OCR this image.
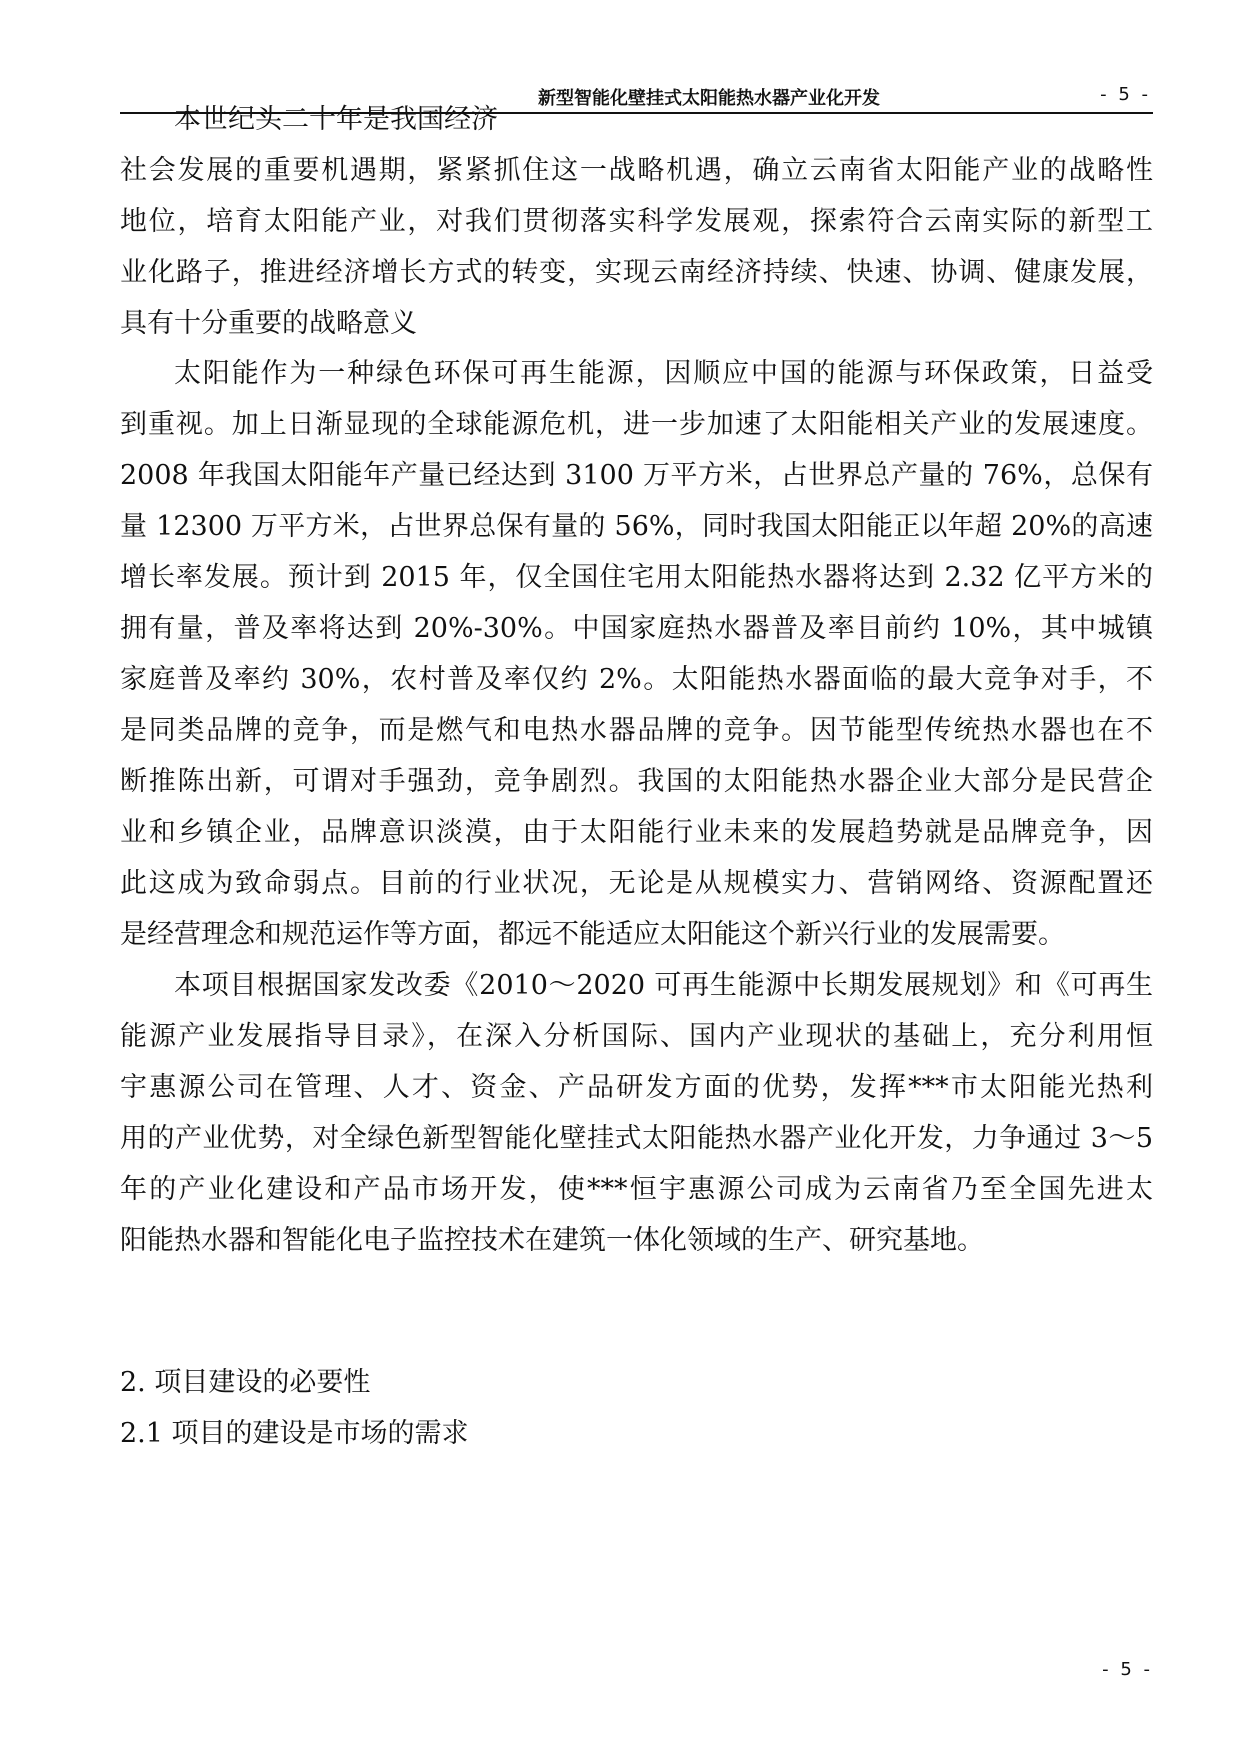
新型智能化壁挂式太阳能热水器产业化开发	- 5 -
本世纪头二十年是我国经济
社会发展的重要机遇期，紧紧抓住这一战略机遇，确立云南省太阳能产业的战略性
地位，培育太阳能产业，对我们贯彻落实科学发展观，探索符合云南实际的新型工
业化路子，推进经济增长方式的转变，实现云南经济持续、快速、协调、健康发展，
具有十分重要的战略意义
太阳能作为一种绿色环保可再生能源，因顺应中国的能源与环保政策，日益受
到重视。加上日渐显现的全球能源危机，进一步加速了太阳能相关产业的发展速度。
2008 年我国太阳能年产量已经达到 3100 万平方米，占世界总产量的 76%，总保有
量 12300 万平方米，占世界总保有量的 56%，同时我国太阳能正以年超 20%的高速
增长率发展。预计到 2015 年，仅全国住宅用太阳能热水器将达到 2.32 亿平方米的
拥有量，普及率将达到 20%-30%。中国家庭热水器普及率目前约 10%，其中城镇
家庭普及率约 30%，农村普及率仅约 2%。太阳能热水器面临的最大竞争对手，不
是同类品牌的竞争，而是燃气和电热水器品牌的竞争。因节能型传统热水器也在不
断推陈出新，可谓对手强劲，竞争剧烈。我国的太阳能热水器企业大部分是民营企
业和乡镇企业，品牌意识淡漠，由于太阳能行业未来的发展趋势就是品牌竞争，因
此这成为致命弱点。目前的行业状况，无论是从规模实力、营销网络、资源配置还
是经营理念和规范运作等方面，都远不能适应太阳能这个新兴行业的发展需要。
本项目根据国家发改委《2010～2020 可再生能源中长期发展规划》和《可再生
能源产业发展指导目录》，在深入分析国际、国内产业现状的基础上，充分利用恒
宇惠源公司在管理、人才、资金、产品研发方面的优势，发挥***市太阳能光热利
用的产业优势，对全绿色新型智能化壁挂式太阳能热水器产业化开发，力争通过 3～5
年的产业化建设和产品市场开发，使***恒宇惠源公司成为云南省乃至全国先进太
阳能热水器和智能化电子监控技术在建筑一体化领域的生产、研究基地。
2. 项目建设的必要性
2.1 项目的建设是市场的需求
- 5 -
